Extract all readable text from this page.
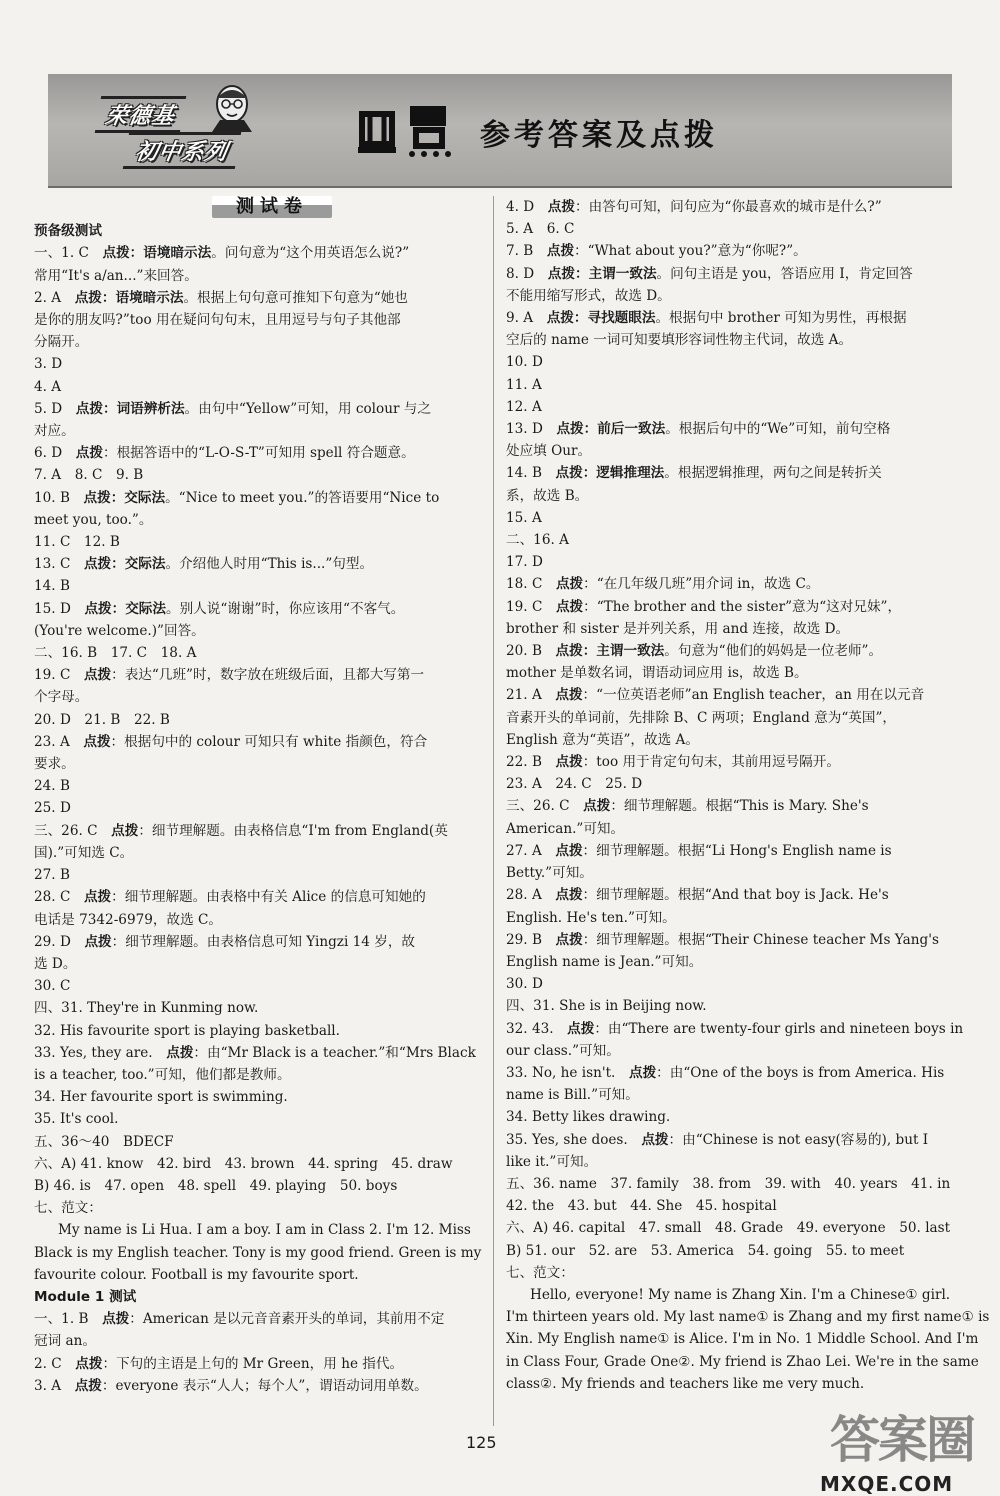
荣德基
初中系列	参考答案及点拨
测试卷
预备级测试
一、1. C　点拨：语境暗示法。问句意为“这个用英语怎么说?”
常用“It's a/an...”来回答。
2. A　点拨：语境暗示法。根据上句句意可推知下句意为“她也
是你的朋友吗?”too 用在疑问句句末，且用逗号与句子其他部
分隔开。
3. D
4. A
5. D　点拨：词语辨析法。由句中“Yellow”可知，用 colour 与之
对应。
6. D　点拨：根据答语中的“L-O-S-T”可知用 spell 符合题意。
7. A　8. C　9. B
10. B　点拨：交际法。“Nice to meet you.”的答语要用“Nice to
meet you, too.”。
11. C　12. B
13. C　点拨：交际法。介绍他人时用“This is...”句型。
14. B
15. D　点拨：交际法。别人说“谢谢”时，你应该用“不客气。
(You're welcome.)”回答。
二、16. B　17. C　18. A
19. C　点拨：表达“几班”时，数字放在班级后面，且都大写第一
个字母。
20. D　21. B　22. B
23. A　点拨：根据句中的 colour 可知只有 white 指颜色，符合
要求。
24. B
25. D
三、26. C　点拨：细节理解题。由表格信息“I'm from England(英
国).”可知选 C。
27. B
28. C　点拨：细节理解题。由表格中有关 Alice 的信息可知她的
电话是 7342-6979，故选 C。
29. D　点拨：细节理解题。由表格信息可知 Yingzi 14 岁，故
选 D。
30. C
四、31. They're in Kunming now.
32. His favourite sport is playing basketball.
33. Yes, they are.　点拨：由“Mr Black is a teacher.”和“Mrs Black
is a teacher, too.”可知，他们都是教师。
34. Her favourite sport is swimming.
35. It's cool.
五、36～40　BDECF
六、A) 41. know　42. bird　43. brown　44. spring　45. draw
B) 46. is　47. open　48. spell　49. playing　50. boys
七、范文：
My name is Li Hua. I am a boy. I am in Class 2. I'm 12. Miss
Black is my English teacher. Tony is my good friend. Green is my
favourite colour. Football is my favourite sport.
Module 1 测试
一、1. B　点拨：American 是以元音音素开头的单词，其前用不定
冠词 an。
2. C　点拨：下句的主语是上句的 Mr Green，用 he 指代。
3. A　点拨：everyone 表示“人人；每个人”，谓语动词用单数。
4. D　点拨：由答句可知，问句应为“你最喜欢的城市是什么?”
5. A　6. C
7. B　点拨：“What about you?”意为“你呢?”。
8. D　点拨：主谓一致法。问句主语是 you，答语应用 I，肯定回答
不能用缩写形式，故选 D。
9. A　点拨：寻找题眼法。根据句中 brother 可知为男性，再根据
空后的 name 一词可知要填形容词性物主代词，故选 A。
10. D
11. A
12. A
13. D　点拨：前后一致法。根据后句中的“We”可知，前句空格
处应填 Our。
14. B　点拨：逻辑推理法。根据逻辑推理，两句之间是转折关
系，故选 B。
15. A
二、16. A
17. D
18. C　点拨：“在几年级几班”用介词 in，故选 C。
19. C　点拨：“The brother and the sister”意为“这对兄妹”，
brother 和 sister 是并列关系，用 and 连接，故选 D。
20. B　点拨：主谓一致法。句意为“他们的妈妈是一位老师”。
mother 是单数名词，谓语动词应用 is，故选 B。
21. A　点拨：“一位英语老师”an English teacher，an 用在以元音
音素开头的单词前，先排除 B、C 两项；England 意为“英国”，
English 意为“英语”，故选 A。
22. B　点拨：too 用于肯定句句末，其前用逗号隔开。
23. A　24. C　25. D
三、26. C　点拨：细节理解题。根据“This is Mary. She's
American.”可知。
27. A　点拨：细节理解题。根据“Li Hong's English name is
Betty.”可知。
28. A　点拨：细节理解题。根据“And that boy is Jack. He's
English. He's ten.”可知。
29. B　点拨：细节理解题。根据“Their Chinese teacher Ms Yang's
English name is Jean.”可知。
30. D
四、31. She is in Beijing now.
32. 43.　点拨：由“There are twenty-four girls and nineteen boys in
our class.”可知。
33. No, he isn't.　点拨：由“One of the boys is from America. His
name is Bill.”可知。
34. Betty likes drawing.
35. Yes, she does.　点拨：由“Chinese is not easy(容易的), but I
like it.”可知。
五、36. name　37. family　38. from　39. with　40. years　41. in
42. the　43. but　44. She　45. hospital
六、A) 46. capital　47. small　48. Grade　49. everyone　50. last
B) 51. our　52. are　53. America　54. going　55. to meet
七、范文：
Hello, everyone! My name is Zhang Xin. I'm a Chinese① girl.
I'm thirteen years old. My last name① is Zhang and my first name① is
Xin. My English name① is Alice. I'm in No. 1 Middle School. And I'm
in Class Four, Grade One②. My friend is Zhao Lei. We're in the same
class②. My friends and teachers like me very much.
125	答案圈
MXQE.COM
